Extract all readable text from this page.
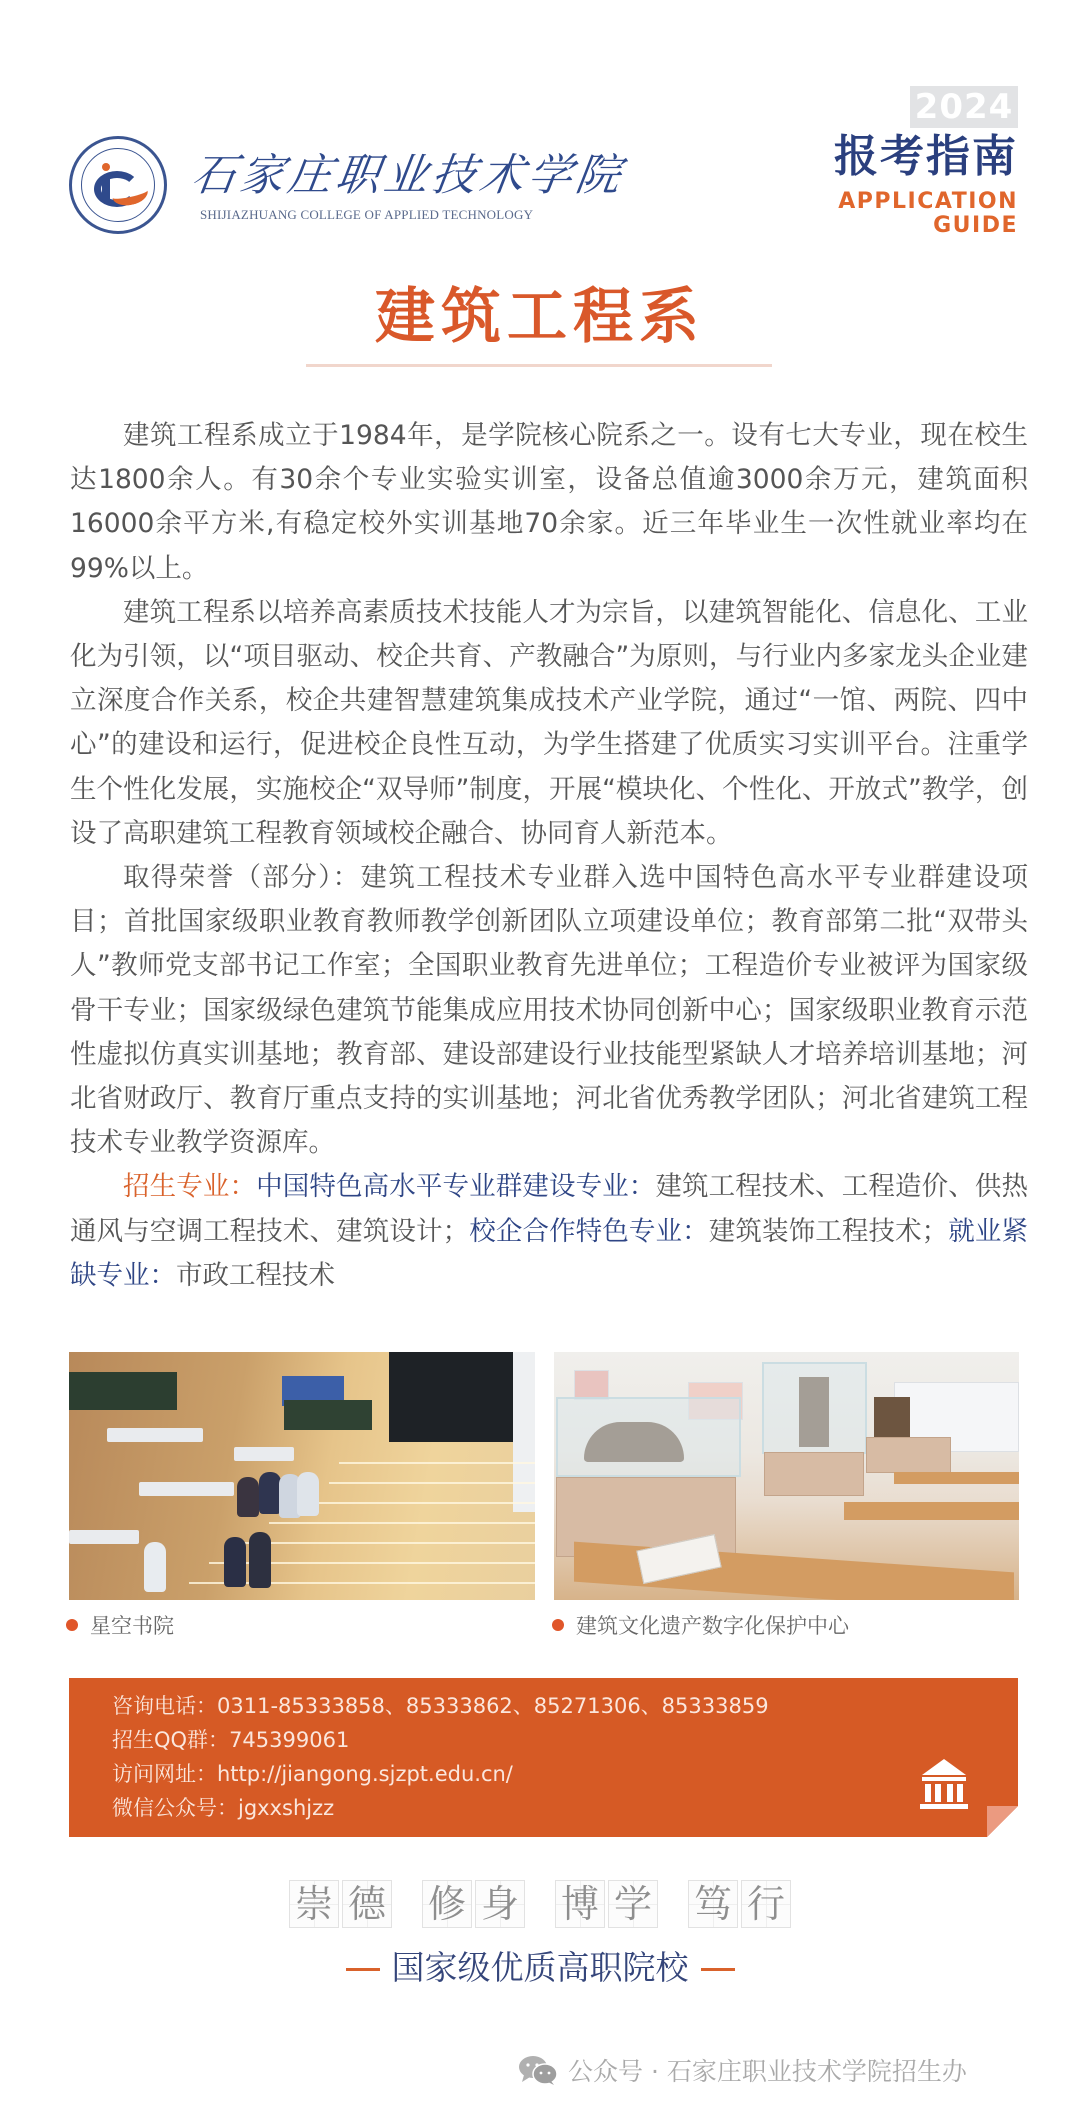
石家庄职业技术学院
SHIJIAZHUANG COLLEGE OF APPLIED TECHNOLOGY
2024
报考指南
APPLICATION
GUIDE
建筑工程系

建筑工程系成立于1984年，是学院核心院系之一。设有七大专业，现在校生达1800余人。有30余个专业实验实训室，设备总值逾3000余万元，建筑面积16000余平方米,有稳定校外实训基地70余家。近三年毕业生一次性就业率均在99%以上。

建筑工程系以培养高素质技术技能人才为宗旨，以建筑智能化、信息化、工业化为引领，以“项目驱动、校企共育、产教融合”为原则，与行业内多家龙头企业建立深度合作关系，校企共建智慧建筑集成技术产业学院，通过“一馆、两院、四中心”的建设和运行，促进校企良性互动，为学生搭建了优质实习实训平台。注重学生个性化发展，实施校企“双导师”制度，开展“模块化、个性化、开放式”教学，创设了高职建筑工程教育领域校企融合、协同育人新范本。

取得荣誉（部分）：建筑工程技术专业群入选中国特色高水平专业群建设项目；首批国家级职业教育教师教学创新团队立项建设单位；教育部第二批“双带头人”教师党支部书记工作室；全国职业教育先进单位；工程造价专业被评为国家级骨干专业；国家级绿色建筑节能集成应用技术协同创新中心；国家级职业教育示范性虚拟仿真实训基地；教育部、建设部建设行业技能型紧缺人才培养培训基地；河北省财政厅、教育厅重点支持的实训基地；河北省优秀教学团队；河北省建筑工程技术专业教学资源库。

招生专业：中国特色高水平专业群建设专业：建筑工程技术、工程造价、供热通风与空调工程技术、建筑设计；校企合作特色专业：建筑装饰工程技术；就业紧缺专业：市政工程技术

星空书院	建筑文化遗产数字化保护中心
咨询电话：0311-85333858、85333862、85271306、85333859
招生QQ群：745399061
访问网址：http://jiangong.sjzpt.edu.cn/
微信公众号：jgxxshjzz
崇 德 修 身 博 学 笃 行
国家级优质高职院校
公众号 · 石家庄职业技术学院招生办
